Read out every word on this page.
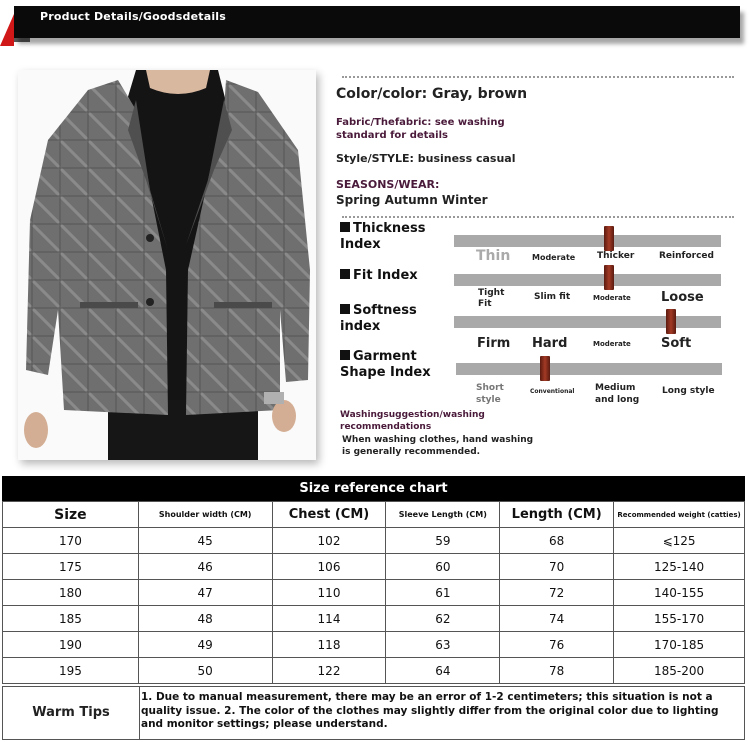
Product Details/Goodsdetails
Color/color: Gray, brown
Fabric/Thefabric: see washing standard for details
Style/STYLE: business casual
SEASONS/WEAR:
Spring Autumn Winter
Thickness Index
Thin	Moderate Thicker	Reinforced
Fit Index
Tight Fit
Slim fit	Moderate Loose
Softness index
Firm Hard	Moderate Soft
Garment Shape Index
Short style
Conventional Medium and long
Long style
Washingsuggestion/washing recommendations
When washing clothes, hand washing is generally recommended.
Size reference chart
Size	Shoulder width (CM)	Chest (CM)	Sleeve Length (CM)	Length (CM)	Recommended weight (catties)
170	45	102	59	68	⩽125
175	46	106	60	70	125-140
180	47	110	61	72	140-155
185	48	114	62	74	155-170
190	49	118	63	76	170-185
195	50	122	64	78	185-200
Warm Tips
1. Due to manual measurement, there may be an error of 1-2 centimeters; this situation is not a quality issue. 2. The color of the clothes may slightly differ from the original color due to lighting and monitor settings; please understand.
